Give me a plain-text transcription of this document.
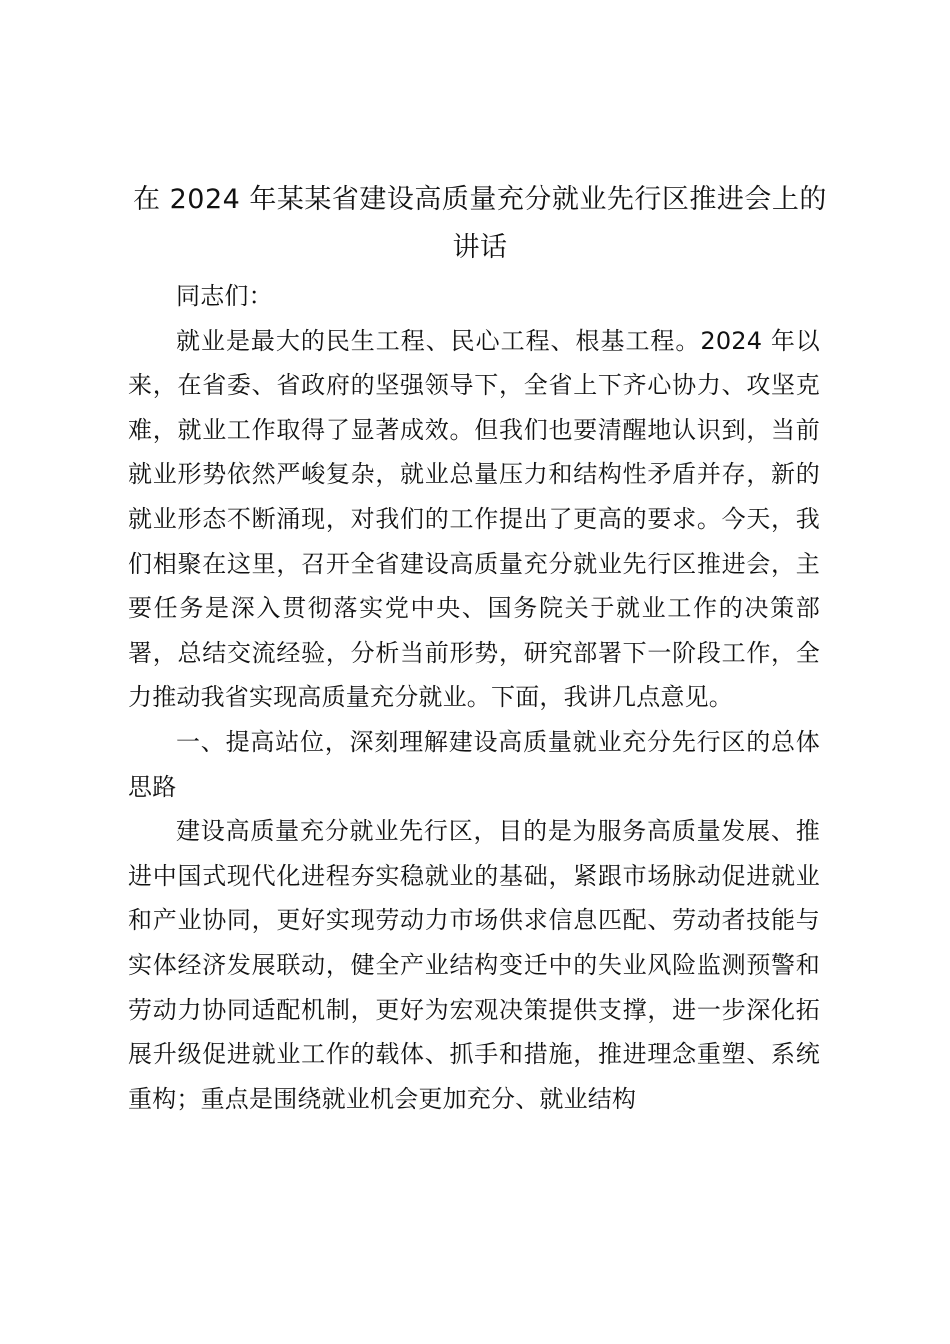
在 2024 年某某省建设高质量充分就业先行区推进会上的讲话

同志们：

就业是最大的民生工程、民心工程、根基工程。2024 年以来，在省委、省政府的坚强领导下，全省上下齐心协力、攻坚克难，就业工作取得了显著成效。但我们也要清醒地认识到，当前就业形势依然严峻复杂，就业总量压力和结构性矛盾并存，新的就业形态不断涌现，对我们的工作提出了更高的要求。今天，我们相聚在这里，召开全省建设高质量充分就业先行区推进会，主要任务是深入贯彻落实党中央、国务院关于就业工作的决策部署，总结交流经验，分析当前形势，研究部署下一阶段工作，全力推动我省实现高质量充分就业。下面，我讲几点意见。

一、提高站位，深刻理解建设高质量就业充分先行区的总体思路

建设高质量充分就业先行区，目的是为服务高质量发展、推进中国式现代化进程夯实稳就业的基础，紧跟市场脉动促进就业和产业协同，更好实现劳动力市场供求信息匹配、劳动者技能与实体经济发展联动，健全产业结构变迁中的失业风险监测预警和劳动力协同适配机制，更好为宏观决策提供支撑，进一步深化拓展升级促进就业工作的载体、抓手和措施，推进理念重塑、系统重构；重点是围绕就业机会更加充分、就业结构
